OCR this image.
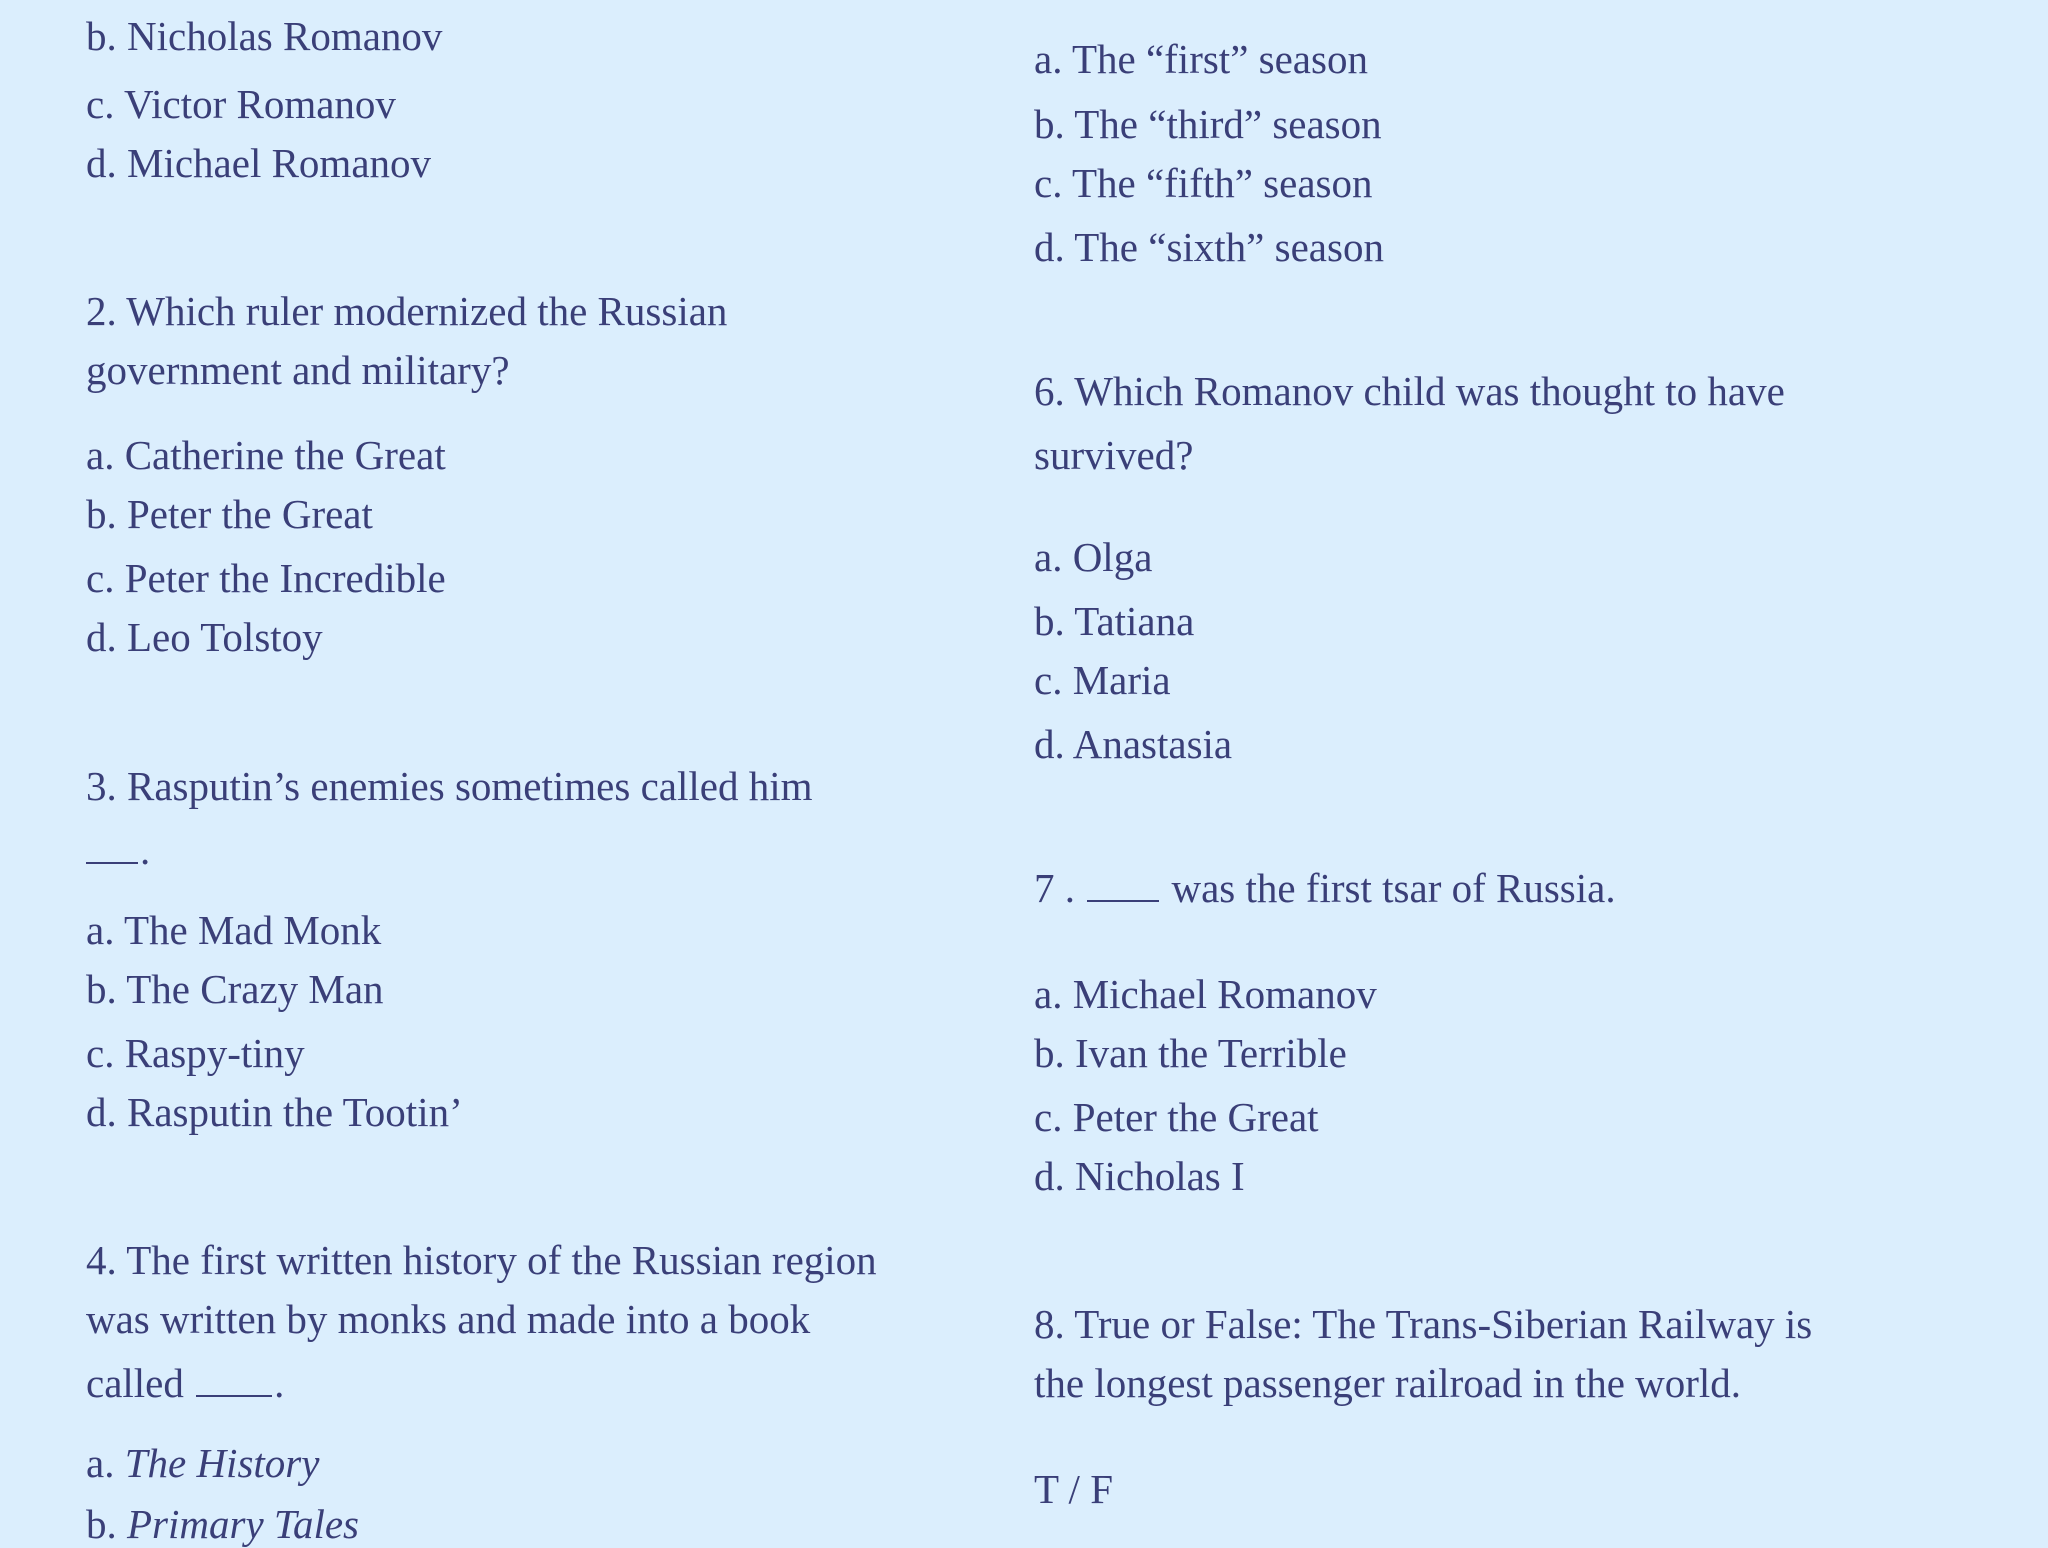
b. Nicholas Romanov
c. Victor Romanov
d. Michael Romanov
2. Which ruler modernized the Russian
government and military?
a. Catherine the Great
b. Peter the Great
c. Peter the Incredible
d. Leo Tolstoy
3. Rasputin’s enemies sometimes called him
.
a. The Mad Monk
b. The Crazy Man
c. Raspy-tiny
d. Rasputin the Tootin’
4. The first written history of the Russian region
was written by monks and made into a book
called .
a. The History
b. Primary Tales
a. The “first” season
b. The “third” season
c. The “fifth” season
d. The “sixth” season
6. Which Romanov child was thought to have
survived?
a. Olga
b. Tatiana
c. Maria
d. Anastasia
7 .  was the first tsar of Russia.
a. Michael Romanov
b. Ivan the Terrible
c. Peter the Great
d. Nicholas I
8. True or False: The Trans-Siberian Railway is
the longest passenger railroad in the world.
T / F
